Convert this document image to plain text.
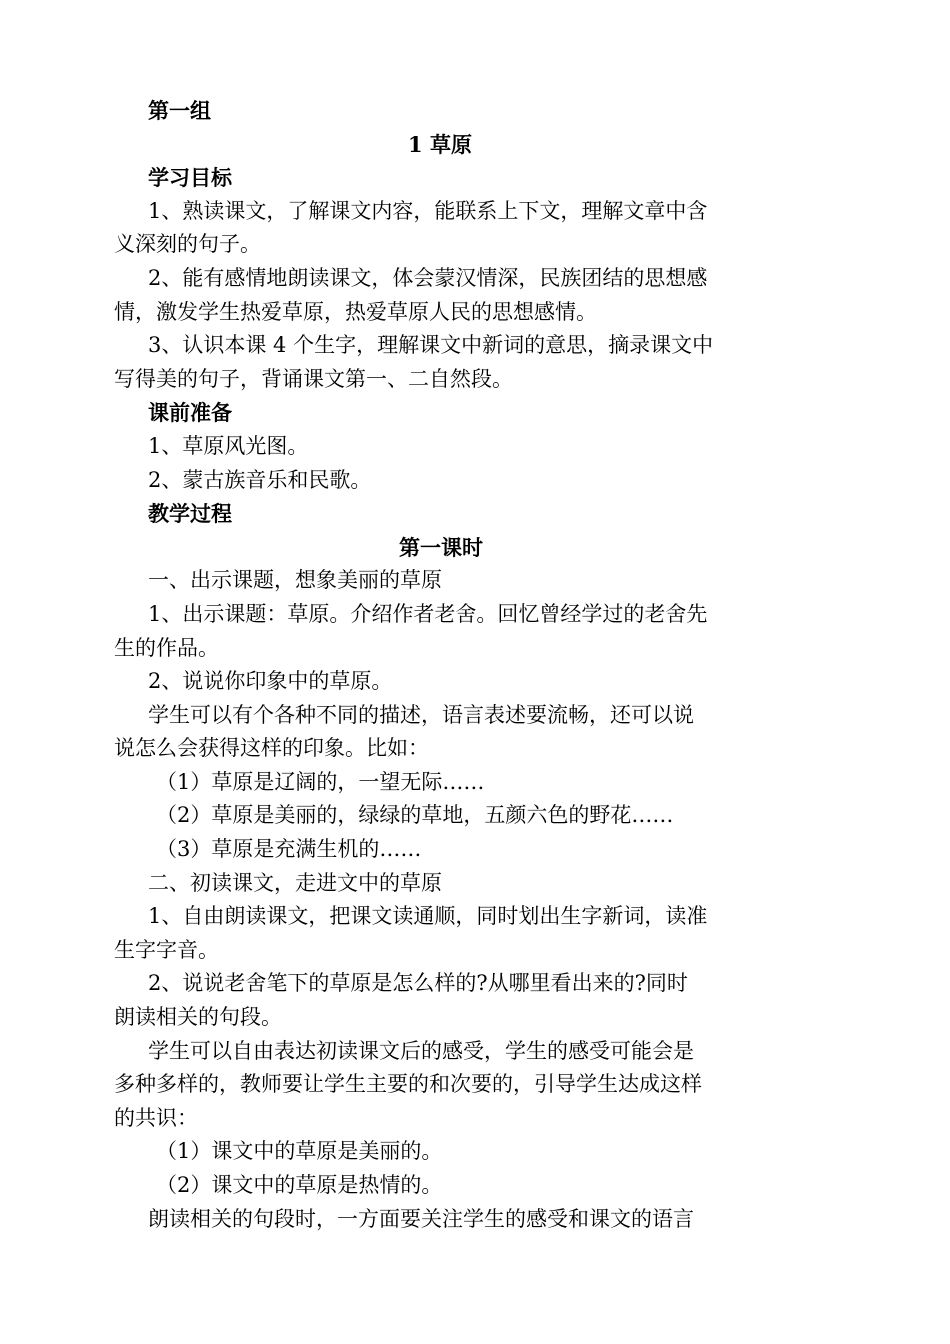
第一组

1 草原

学习目标

1、熟读课文，了解课文内容，能联系上下文，理解文章中含

义深刻的句子。

2、能有感情地朗读课文，体会蒙汉情深，民族团结的思想感

情，激发学生热爱草原，热爱草原人民的思想感情。

3、认识本课 4 个生字，理解课文中新词的意思，摘录课文中

写得美的句子，背诵课文第一、二自然段。

课前准备

1、草原风光图。

2、蒙古族音乐和民歌。

教学过程

第一课时

一、出示课题，想象美丽的草原

1、出示课题：草原。介绍作者老舍。回忆曾经学过的老舍先

生的作品。

2、说说你印象中的草原。

学生可以有个各种不同的描述，语言表述要流畅，还可以说

说怎么会获得这样的印象。比如：

（1）草原是辽阔的，一望无际……

（2）草原是美丽的，绿绿的草地，五颜六色的野花……

（3）草原是充满生机的……

二、初读课文，走进文中的草原

1、自由朗读课文，把课文读通顺，同时划出生字新词，读准

生字字音。

2、说说老舍笔下的草原是怎么样的?从哪里看出来的?同时

朗读相关的句段。

学生可以自由表达初读课文后的感受，学生的感受可能会是

多种多样的，教师要让学生主要的和次要的，引导学生达成这样

的共识：

（1）课文中的草原是美丽的。

（2）课文中的草原是热情的。

朗读相关的句段时，一方面要关注学生的感受和课文的语言
